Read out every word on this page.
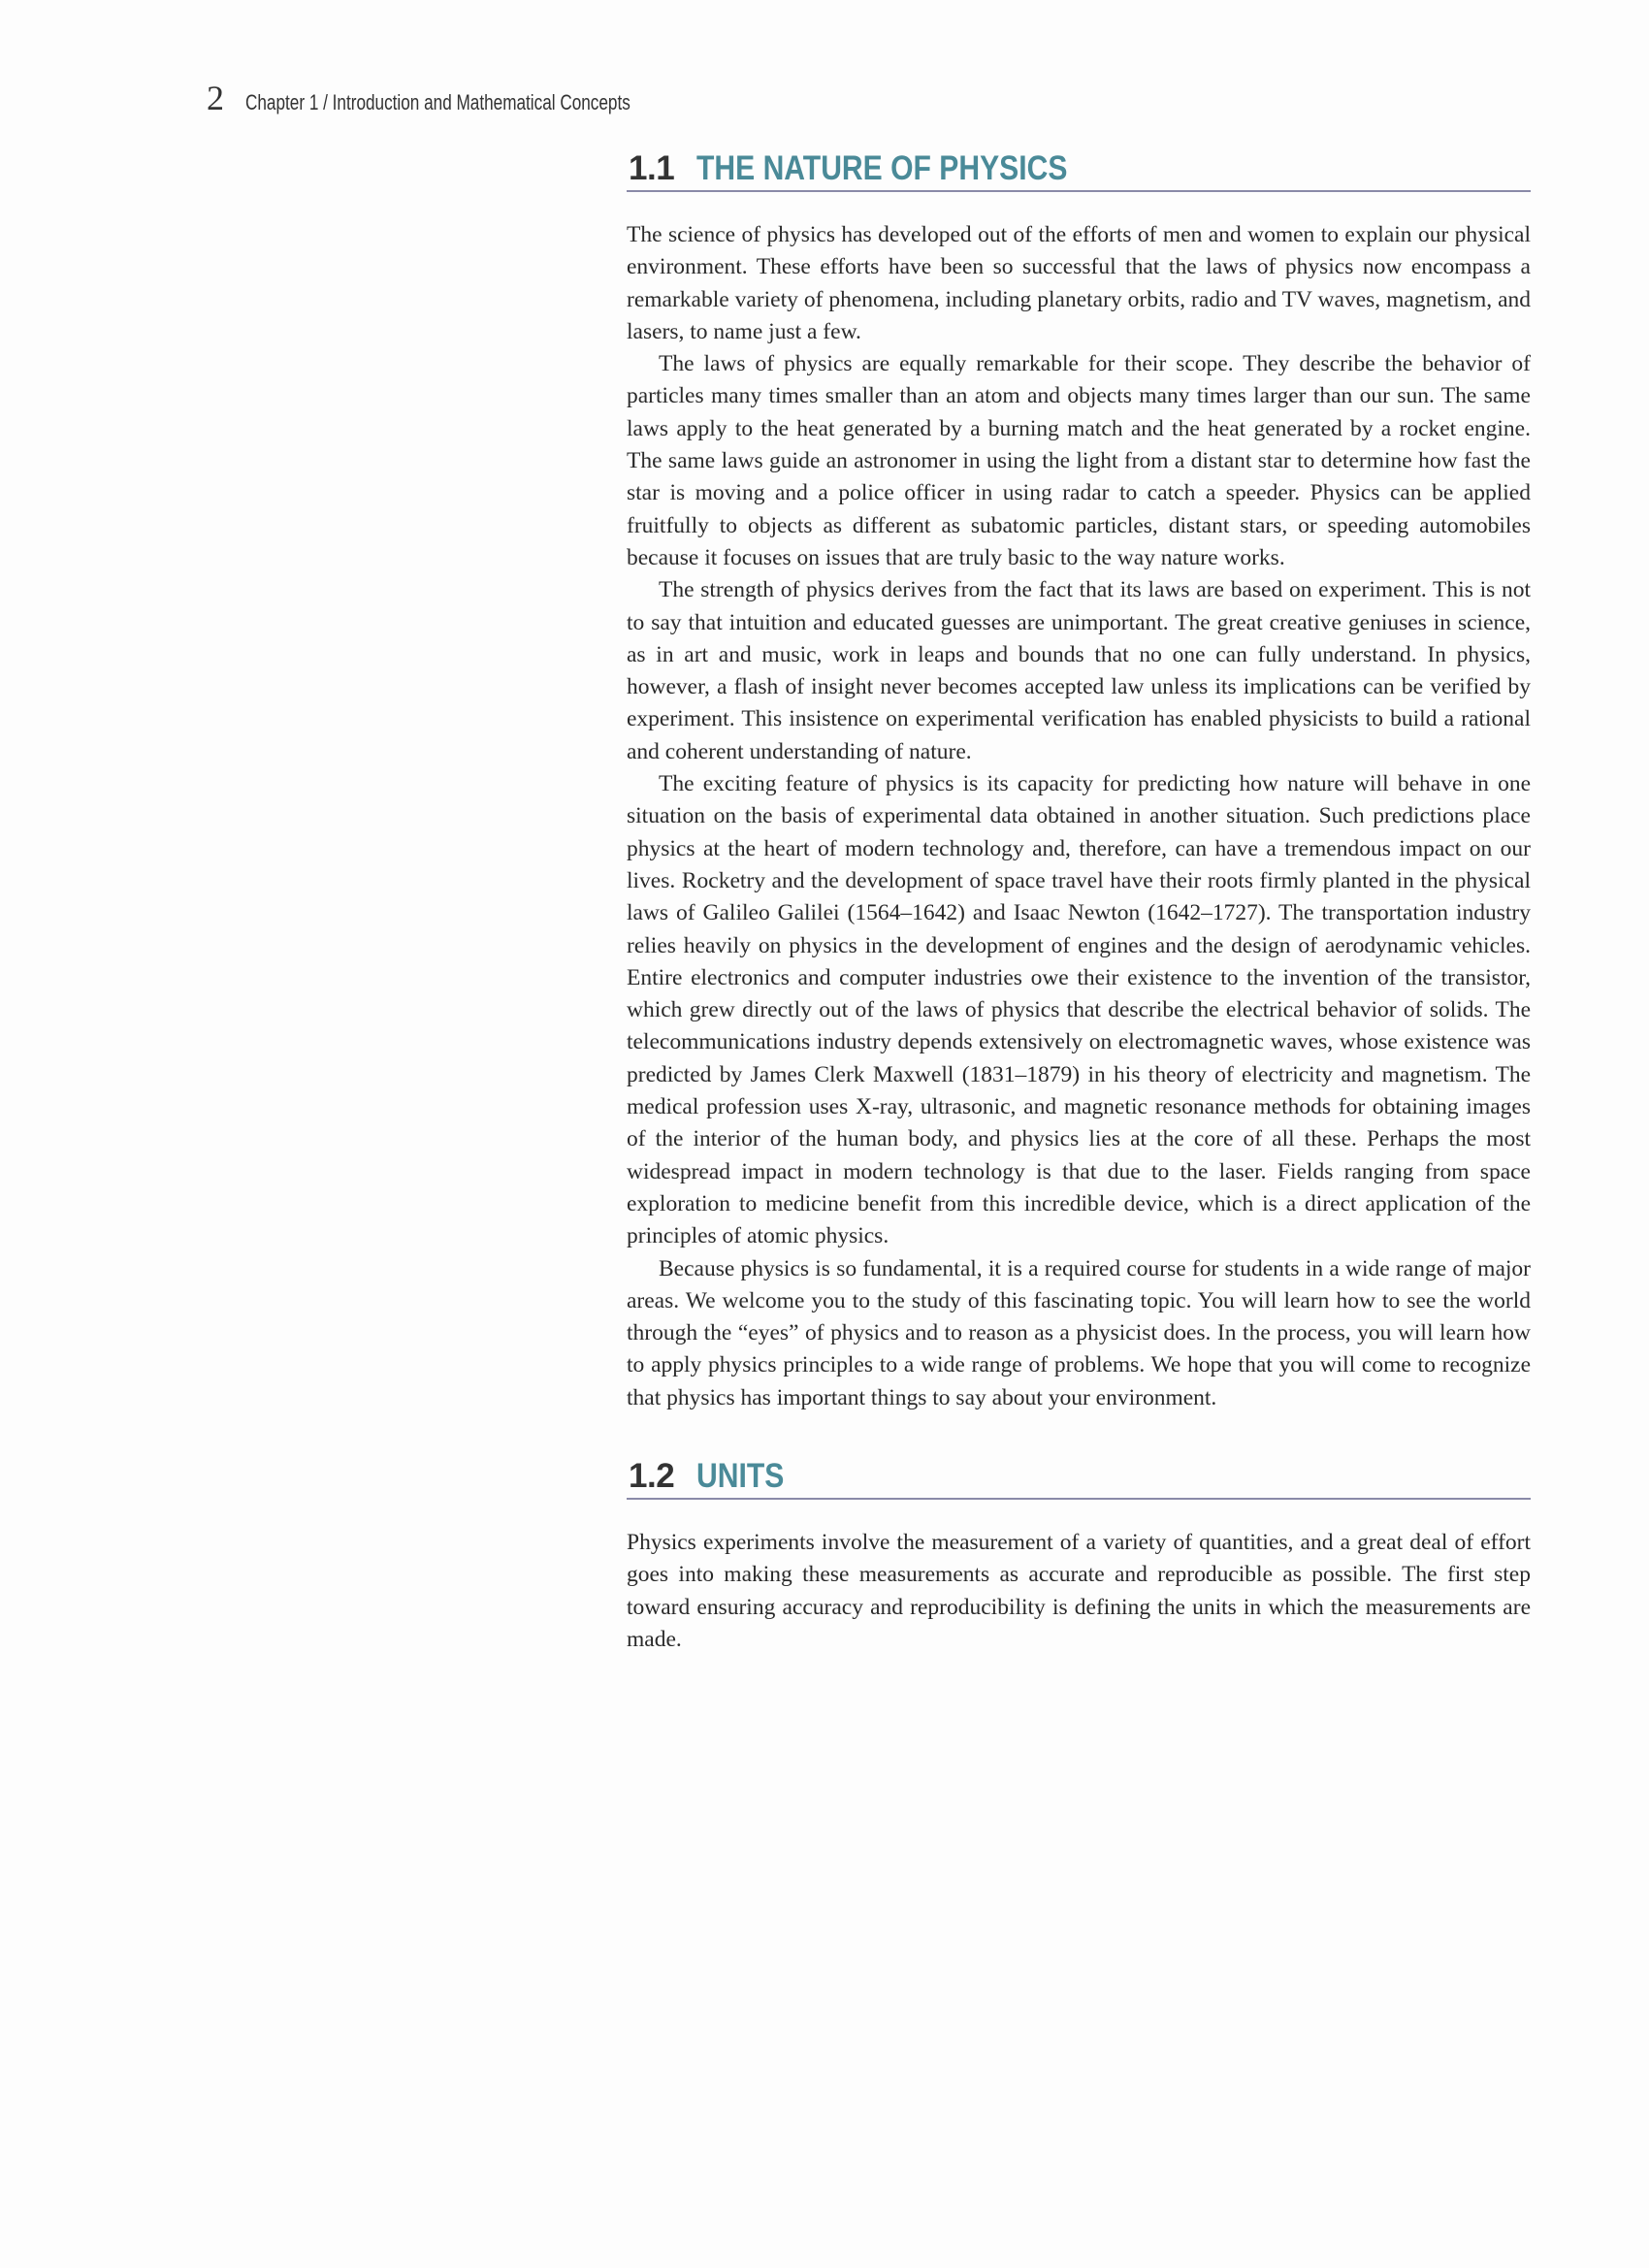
2 Chapter 1 / Introduction and Mathematical Concepts
1.1 THE NATURE OF PHYSICS

The science of physics has developed out of the efforts of men and women to explain our physical environment. These efforts have been so successful that the laws of physics now encompass a remarkable variety of phenomena, including planetary orbits, radio and TV waves, magnetism, and lasers, to name just a few.

The laws of physics are equally remarkable for their scope. They describe the behavior of particles many times smaller than an atom and objects many times larger than our sun. The same laws apply to the heat generated by a burning match and the heat generated by a rocket engine. The same laws guide an astronomer in using the light from a distant star to determine how fast the star is moving and a police officer in using radar to catch a speeder. Physics can be applied fruitfully to objects as different as subatomic particles, distant stars, or speeding automobiles because it focuses on issues that are truly basic to the way nature works.

The strength of physics derives from the fact that its laws are based on experiment. This is not to say that intuition and educated guesses are unimportant. The great creative geniuses in science, as in art and music, work in leaps and bounds that no one can fully understand. In physics, however, a flash of insight never becomes accepted law unless its implications can be verified by experiment. This insistence on experimental verification has enabled physicists to build a rational and coherent understanding of nature.

The exciting feature of physics is its capacity for predicting how nature will behave in one situation on the basis of experimental data obtained in another situation. Such predictions place physics at the heart of modern technology and, therefore, can have a tremendous impact on our lives. Rocketry and the development of space travel have their roots firmly planted in the physical laws of Galileo Galilei (1564–1642) and Isaac Newton (1642–1727). The transportation industry relies heavily on physics in the development of engines and the design of aerodynamic vehicles. Entire electronics and computer industries owe their existence to the invention of the transistor, which grew directly out of the laws of physics that describe the electrical behavior of solids. The telecommunications industry depends extensively on electromagnetic waves, whose existence was predicted by James Clerk Maxwell (1831–1879) in his theory of electricity and magnetism. The medical profession uses X-ray, ultrasonic, and magnetic resonance methods for obtaining images of the interior of the human body, and physics lies at the core of all these. Perhaps the most widespread impact in modern technology is that due to the laser. Fields ranging from space exploration to medicine benefit from this incredible device, which is a direct application of the principles of atomic physics.

Because physics is so fundamental, it is a required course for students in a wide range of major areas. We welcome you to the study of this fascinating topic. You will learn how to see the world through the “eyes” of physics and to reason as a physicist does. In the process, you will learn how to apply physics principles to a wide range of problems. We hope that you will come to recognize that physics has important things to say about your environment.

1.2 UNITS

Physics experiments involve the measurement of a variety of quantities, and a great deal of effort goes into making these measurements as accurate and reproducible as possible. The first step toward ensuring accuracy and reproducibility is defining the units in which the measurements are made.
